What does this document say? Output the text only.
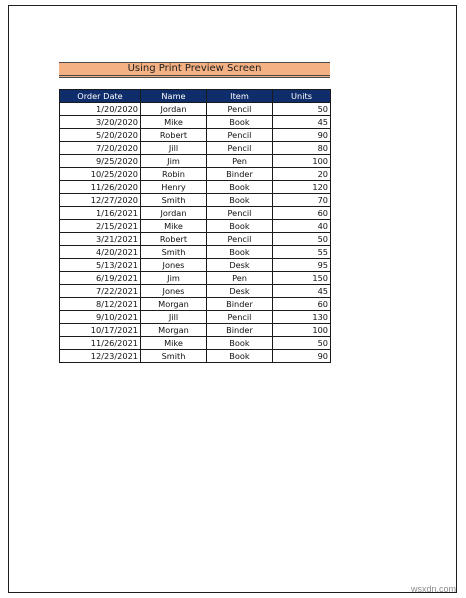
Using Print Preview Screen
Order Date	Name	Item	Units
1/20/2020	Jordan	Pencil	50
3/20/2020	Mike	Book	45
5/20/2020	Robert	Pencil	90
7/20/2020	Jill	Pencil	80
9/25/2020	Jim	Pen	100
10/25/2020	Robin	Binder	20
11/26/2020	Henry	Book	120
12/27/2020	Smith	Book	70
1/16/2021	Jordan	Pencil	60
2/15/2021	Mike	Book	40
3/21/2021	Robert	Pencil	50
4/20/2021	Smith	Book	55
5/13/2021	Jones	Desk	95
6/19/2021	Jim	Pen	150
7/22/2021	Jones	Desk	45
8/12/2021	Morgan	Binder	60
9/10/2021	Jill	Pencil	130
10/17/2021	Morgan	Binder	100
11/26/2021	Mike	Book	50
12/23/2021	Smith	Book	90
wsxdn.com
